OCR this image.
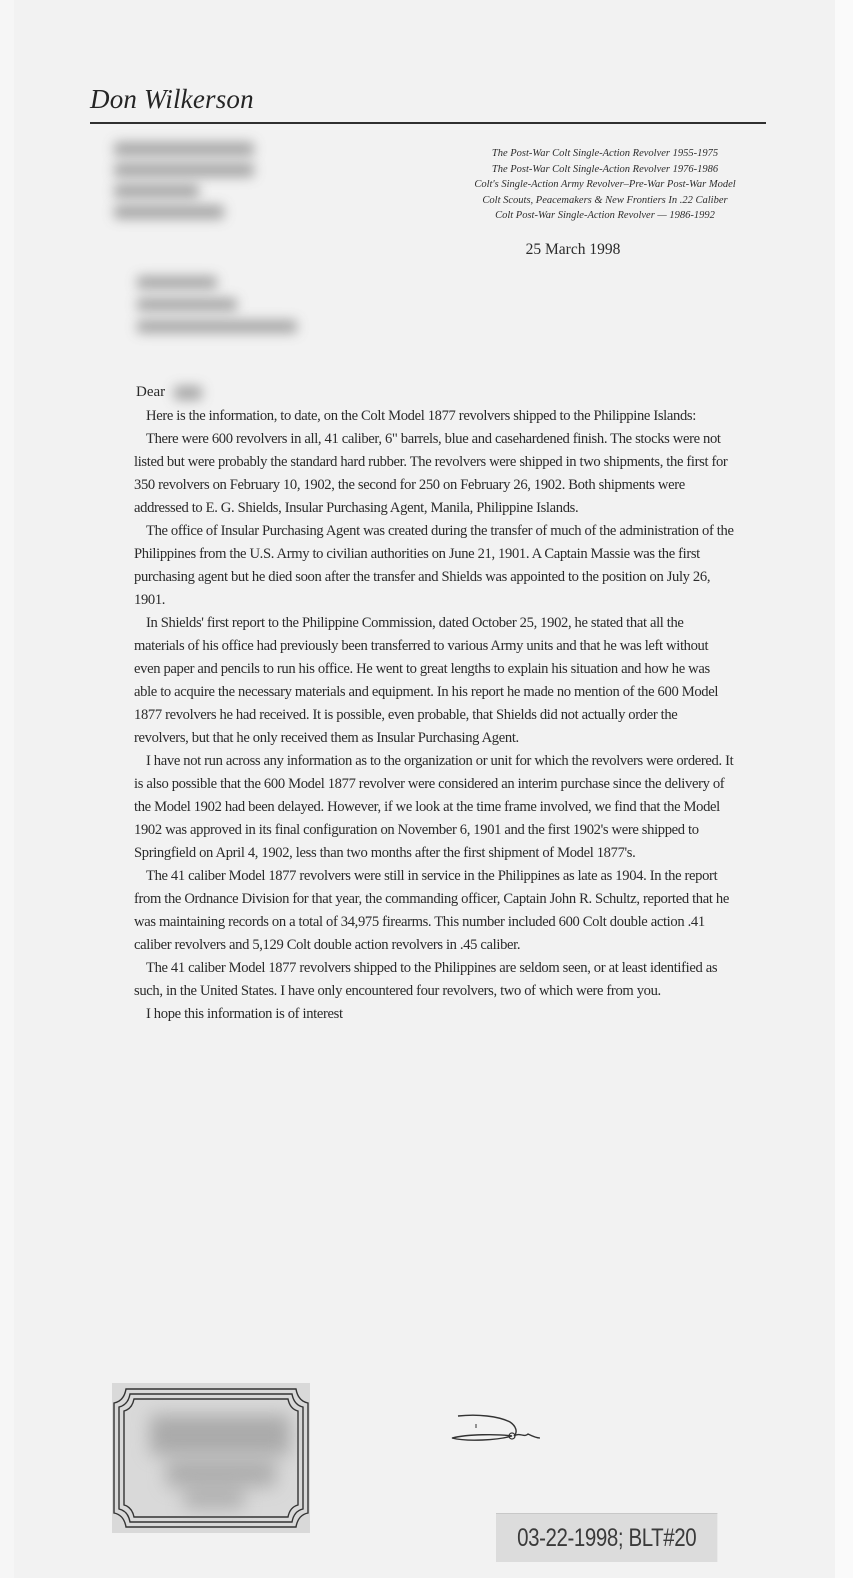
Don Wilkerson
The Post-War Colt Single-Action Revolver 1955-1975
The Post-War Colt Single-Action Revolver 1976-1986
Colt's Single-Action Army Revolver–Pre-War Post-War Model
Colt Scouts, Peacemakers & New Frontiers In .22 Caliber
Colt Post-War Single-Action Revolver — 1986-1992
25 March 1998
Dear

Here is the information, to date, on the Colt Model 1877 revolvers shipped to the Philippine Islands:

There were 600 revolvers in all, 41 caliber, 6" barrels, blue and casehardened finish. The stocks were not listed but were probably the standard hard rubber. The revolvers were shipped in two shipments, the first for 350 revolvers on February 10, 1902, the second for 250 on February 26, 1902. Both shipments were addressed to E. G. Shields, Insular Purchasing Agent, Manila, Philippine Islands.

The office of Insular Purchasing Agent was created during the transfer of much of the administration of the Philippines from the U.S. Army to civilian authorities on June 21, 1901. A Captain Massie was the first purchasing agent but he died soon after the transfer and Shields was appointed to the position on July 26, 1901.

In Shields' first report to the Philippine Commission, dated October 25, 1902, he stated that all the materials of his office had previously been transferred to various Army units and that he was left without even paper and pencils to run his office. He went to great lengths to explain his situation and how he was able to acquire the necessary materials and equipment. In his report he made no mention of the 600 Model 1877 revolvers he had received. It is possible, even probable, that Shields did not actually order the revolvers, but that he only received them as Insular Purchasing Agent.

I have not run across any information as to the organization or unit for which the revolvers were ordered. It is also possible that the 600 Model 1877 revolver were considered an interim purchase since the delivery of the Model 1902 had been delayed. However, if we look at the time frame involved, we find that the Model 1902 was approved in its final configuration on November 6, 1901 and the first 1902's were shipped to Springfield on April 4, 1902, less than two months after the first shipment of Model 1877's.

The 41 caliber Model 1877 revolvers were still in service in the Philippines as late as 1904. In the report from the Ordnance Division for that year, the commanding officer, Captain John R. Schultz, reported that he was maintaining records on a total of 34,975 firearms. This number included 600 Colt double action .41 caliber revolvers and 5,129 Colt double action revolvers in .45 caliber.

The 41 caliber Model 1877 revolvers shipped to the Philippines are seldom seen, or at least identified as such, in the United States. I have only encountered four revolvers, two of which were from you.

I hope this information is of interest

03-22-1998; BLT#20
